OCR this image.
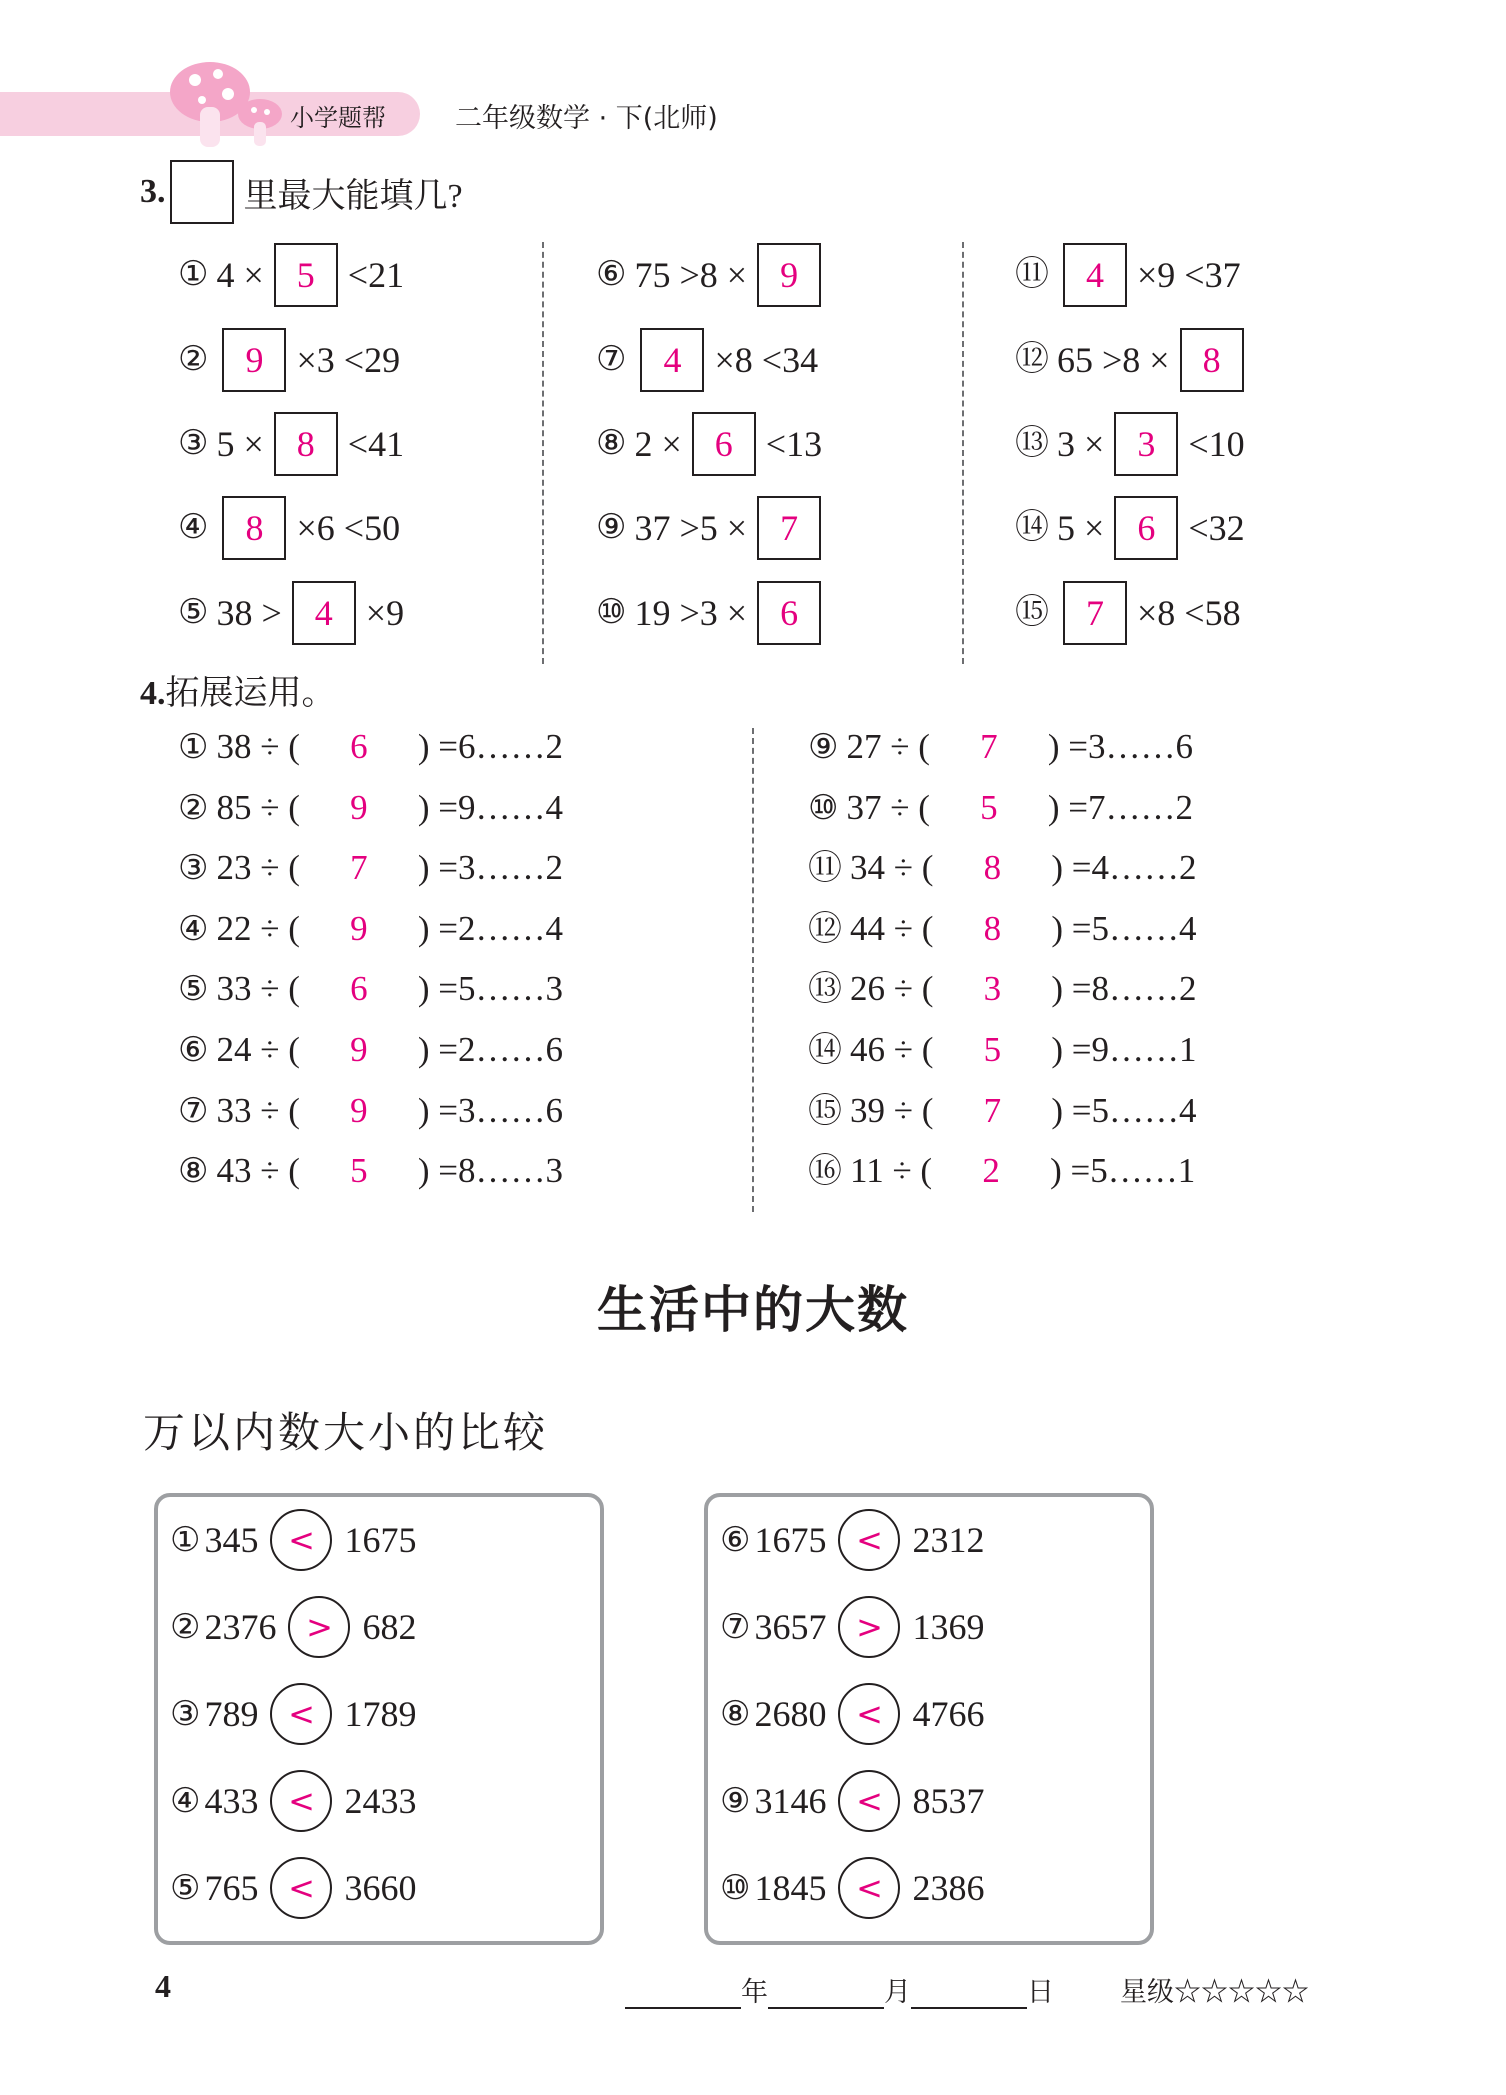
小学题帮	二年级数学 · 下(北师)
3 . 里最大能填几?
① 4 × 5 <21
②	9 ×3 <29
③ 5 × 8 <41
④	8 ×6 <50
⑤ 38 > 4 ×9
⑥ 75 >8 × 9
⑦	4 ×8 <34
⑧ 2 × 6 <13
⑨ 37 >5 × 7
⑩ 19 >3 × 6
⑪	4 ×9 <37
⑫ 65 >8 × 8
⑬ 3 × 3 <10
⑭ 5 × 6 <32
⑮	7 ×8 <58
4.拓展运用。
① 38 ÷ ( 6 ) =6……2
② 85 ÷ ( 9 ) =9……4
③ 23 ÷ ( 7 ) =3……2
④ 22 ÷ ( 9 ) =2……4
⑤ 33 ÷ ( 6 ) =5……3
⑥ 24 ÷ ( 9 ) =2……6
⑦ 33 ÷ ( 9 ) =3……6
⑧ 43 ÷ ( 5 ) =8……3
⑨ 27 ÷ ( 7 ) =3……6
⑩ 37 ÷ ( 5 ) =7……2
⑪ 34 ÷ ( 8 ) =4……2
⑫ 44 ÷ ( 8 ) =5……4
⑬ 26 ÷ ( 3 ) =8……2
⑭ 46 ÷ ( 5 ) =9……1
⑮ 39 ÷ ( 7 ) =5……4
⑯ 11 ÷ ( 2 ) =5……1
生活中的大数
万以内数大小的比较
① 345 < 1675
② 2376 > 682
③ 789 < 1789
④ 433 < 2433
⑤ 765 < 3660
⑥ 1675 < 2312
⑦ 3657 > 1369
⑧ 2680 < 4766
⑨ 3146 < 8537
⑩ 1845 < 2386
4	年	月	日 星级☆☆☆☆☆
